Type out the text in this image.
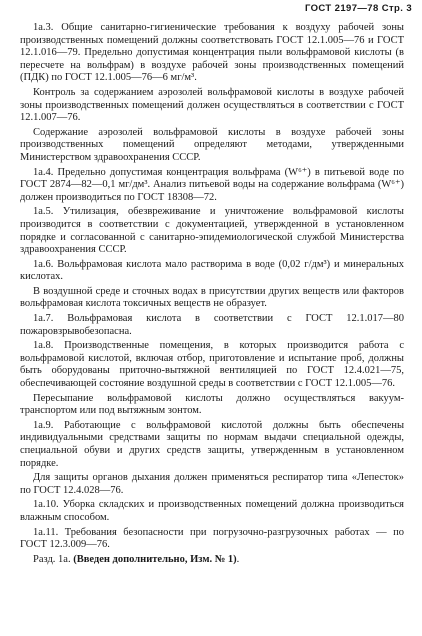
ГОСТ 2197—78 Стр. 3

1а.3. Общие санитарно-гигиенические требования к воздуху рабочей зоны производственных помещений должны соответствовать ГОСТ 12.1.005—76 и ГОСТ 12.1.016—79. Предельно допустимая концентрация пыли вольфрамовой кислоты (в пересчете на вольфрам) в воздухе рабочей зоны производственных помещений (ПДК) по ГОСТ 12.1.005—76—6 мг/м³.

Контроль за содержанием аэрозолей вольфрамовой кислоты в воздухе рабочей зоны производственных помещений должен осуществляться в соответствии с ГОСТ 12.1.007—76.

Содержание аэрозолей вольфрамовой кислоты в воздухе рабочей зоны производственных помещений определяют методами, утвержденными Министерством здравоохранения СССР.

1а.4. Предельно допустимая концентрация вольфрама (W⁶⁺) в питьевой воде по ГОСТ 2874—82—0,1 мг/дм³. Анализ питьевой воды на содержание вольфрама (W⁶⁺) должен производиться по ГОСТ 18308—72.

1а.5. Утилизация, обезвреживание и уничтожение вольфрамовой кислоты производится в соответствии с документацией, утвержденной в установленном порядке и согласованной с санитарно-эпидемиологической службой Министерства здравоохранения СССР.

1а.6. Вольфрамовая кислота мало растворима в воде (0,02 г/дм³) и минеральных кислотах.

В воздушной среде и сточных водах в присутствии других веществ или факторов вольфрамовая кислота токсичных веществ не образует.

1а.7. Вольфрамовая кислота в соответствии с ГОСТ 12.1.017—80 пожаровзрывобезопасна.

1а.8. Производственные помещения, в которых производится работа с вольфрамовой кислотой, включая отбор, приготовление и испытание проб, должны быть оборудованы приточно-вытяжной вентиляцией по ГОСТ 12.4.021—75, обеспечивающей состояние воздушной среды в соответствии с ГОСТ 12.1.005—76.

Пересыпание вольфрамовой кислоты должно осуществляться вакуум-транспортом или под вытяжным зонтом.

1а.9. Работающие с вольфрамовой кислотой должны быть обеспечены индивидуальными средствами защиты по нормам выдачи специальной одежды, специальной обуви и других средств защиты, утвержденным в установленном порядке.

Для защиты органов дыхания должен применяться респиратор типа «Лепесток» по ГОСТ 12.4.028—76.

1а.10. Уборка складских и производственных помещений должна производиться влажным способом.

1а.11. Требования безопасности при погрузочно-разгрузочных работах — по ГОСТ 12.3.009—76.

Разд. 1а. (Введен дополнительно, Изм. № 1).
